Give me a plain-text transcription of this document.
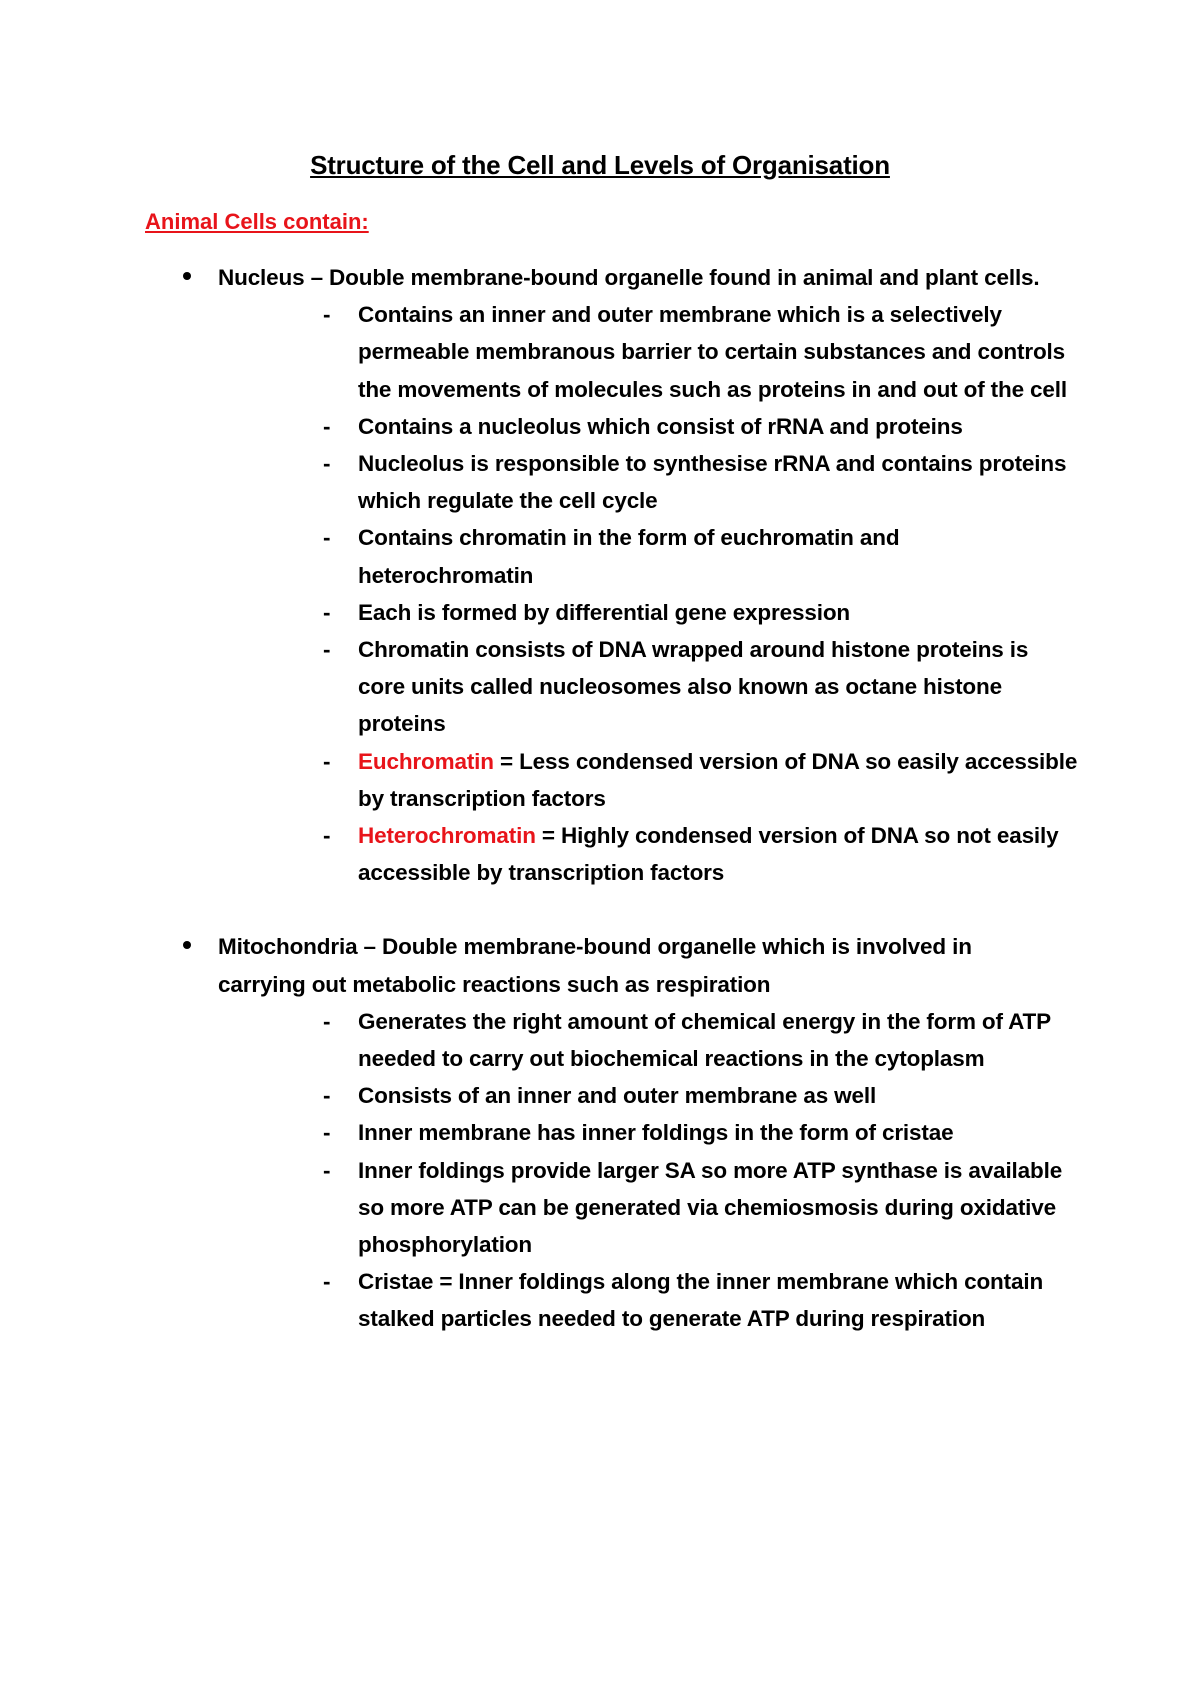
Structure of the Cell and Levels of Organisation
Animal Cells contain:
Nucleus – Double membrane-bound organelle found in animal and plant cells.
- Contains an inner and outer membrane which is a selectively permeable membranous barrier to certain substances and controls the movements of molecules such as proteins in and out of the cell
- Contains a nucleolus which consist of rRNA and proteins
- Nucleolus is responsible to synthesise rRNA and contains proteins which regulate the cell cycle
- Contains chromatin in the form of euchromatin and heterochromatin
- Each is formed by differential gene expression
- Chromatin consists of DNA wrapped around histone proteins is core units called nucleosomes also known as octane histone proteins
- Euchromatin = Less condensed version of DNA so easily accessible by transcription factors
- Heterochromatin = Highly condensed version of DNA so not easily accessible by transcription factors
Mitochondria – Double membrane-bound organelle which is involved in carrying out metabolic reactions such as respiration
- Generates the right amount of chemical energy in the form of ATP needed to carry out biochemical reactions in the cytoplasm
- Consists of an inner and outer membrane as well
- Inner membrane has inner foldings in the form of cristae
- Inner foldings provide larger SA so more ATP synthase is available so more ATP can be generated via chemiosmosis during oxidative phosphorylation
- Cristae = Inner foldings along the inner membrane which contain stalked particles needed to generate ATP during respiration
